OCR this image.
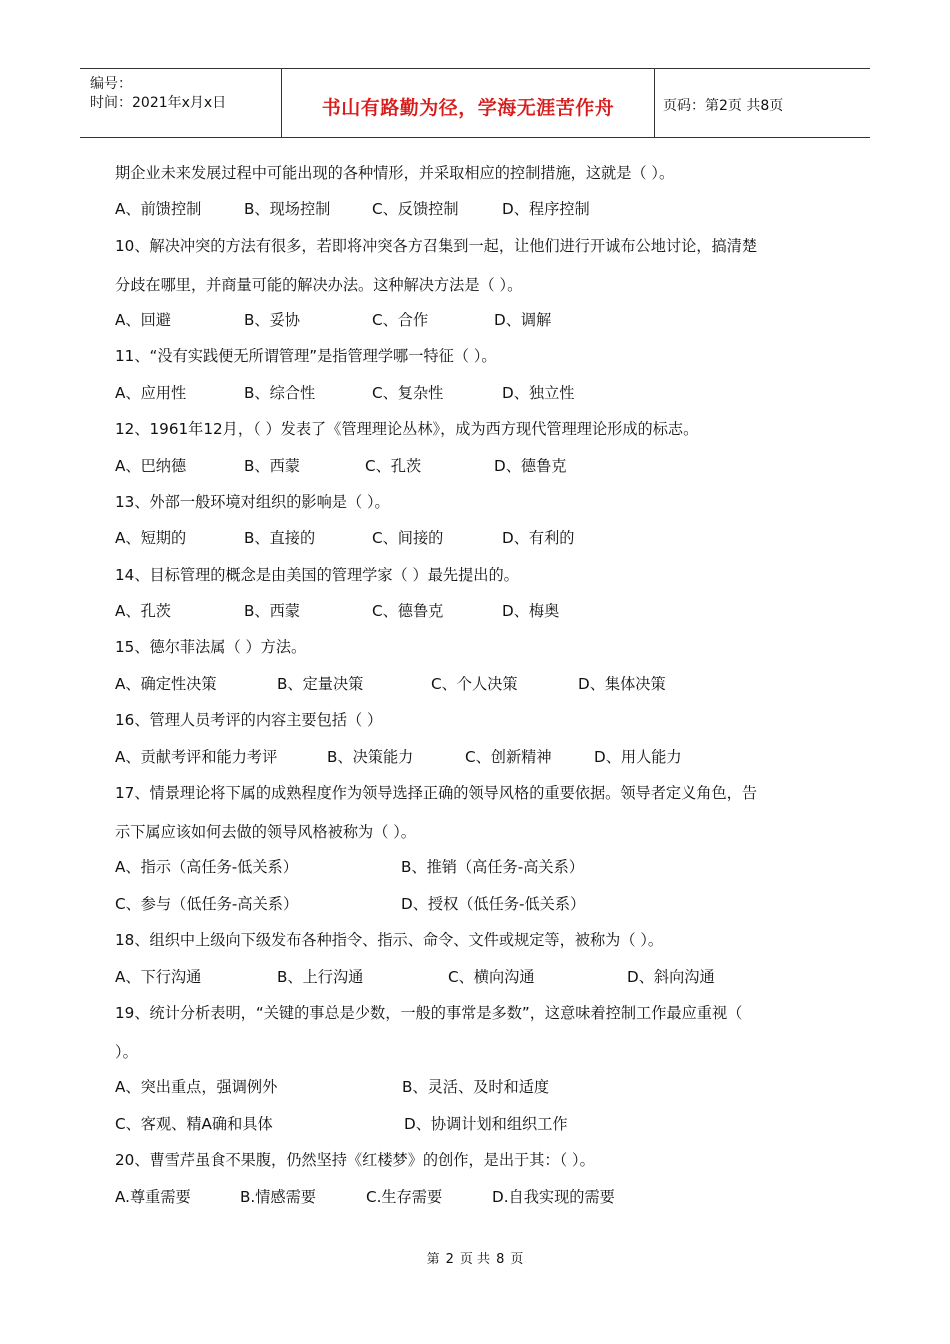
编号：
时间：2021年x月x日	书山有路勤为径，学海无涯苦作舟	页码：第2页 共8页
期企业未来发展过程中可能出现的各种情形，并采取相应的控制措施，这就是（ ）。
A、前馈控制	B、现场控制	C、反馈控制	D、程序控制
10、解决冲突的方法有很多，若即将冲突各方召集到一起，让他们进行开诚布公地讨论，搞清楚
分歧在哪里，并商量可能的解决办法。这种解决方法是（ ）。
A、回避	B、妥协	C、合作	D、调解
11、“没有实践便无所谓管理”是指管理学哪一特征（ ）。
A、应用性	B、综合性	C、复杂性	D、独立性
12、1961年12月，（ ）发表了《管理理论丛林》，成为西方现代管理理论形成的标志。
A、巴纳德	B、西蒙	C、孔茨	D、德鲁克
13、外部一般环境对组织的影响是（ ）。
A、短期的	B、直接的	C、间接的	D、有利的
14、目标管理的概念是由美国的管理学家（ ）最先提出的。
A、孔茨	B、西蒙	C、德鲁克	D、梅奥
15、德尔菲法属（ ）方法。
A、确定性决策	B、定量决策	C、个人决策	D、集体决策
16、管理人员考评的内容主要包括（ ）
A、贡献考评和能力考评	B、决策能力	C、创新精神	D、用人能力
17、情景理论将下属的成熟程度作为领导选择正确的领导风格的重要依据。领导者定义角色，告
示下属应该如何去做的领导风格被称为（ ）。
A、指示（高任务-低关系）	B、推销（高任务-高关系）
C、参与（低任务-高关系）	D、授权（低任务-低关系）
18、组织中上级向下级发布各种指令、指示、命令、文件或规定等，被称为（ ）。
A、下行沟通	B、上行沟通	C、横向沟通	D、斜向沟通
19、统计分析表明，“关键的事总是少数，一般的事常是多数”，这意味着控制工作最应重视（
）。
A、突出重点，强调例外	B、灵活、及时和适度
C、客观、精A确和具体	D、协调计划和组织工作
20、曹雪芹虽食不果腹，仍然坚持《红楼梦》的创作，是出于其：（ ）。
A.尊重需要	B.情感需要	C.生存需要	D.自我实现的需要
第 2 页 共 8 页
